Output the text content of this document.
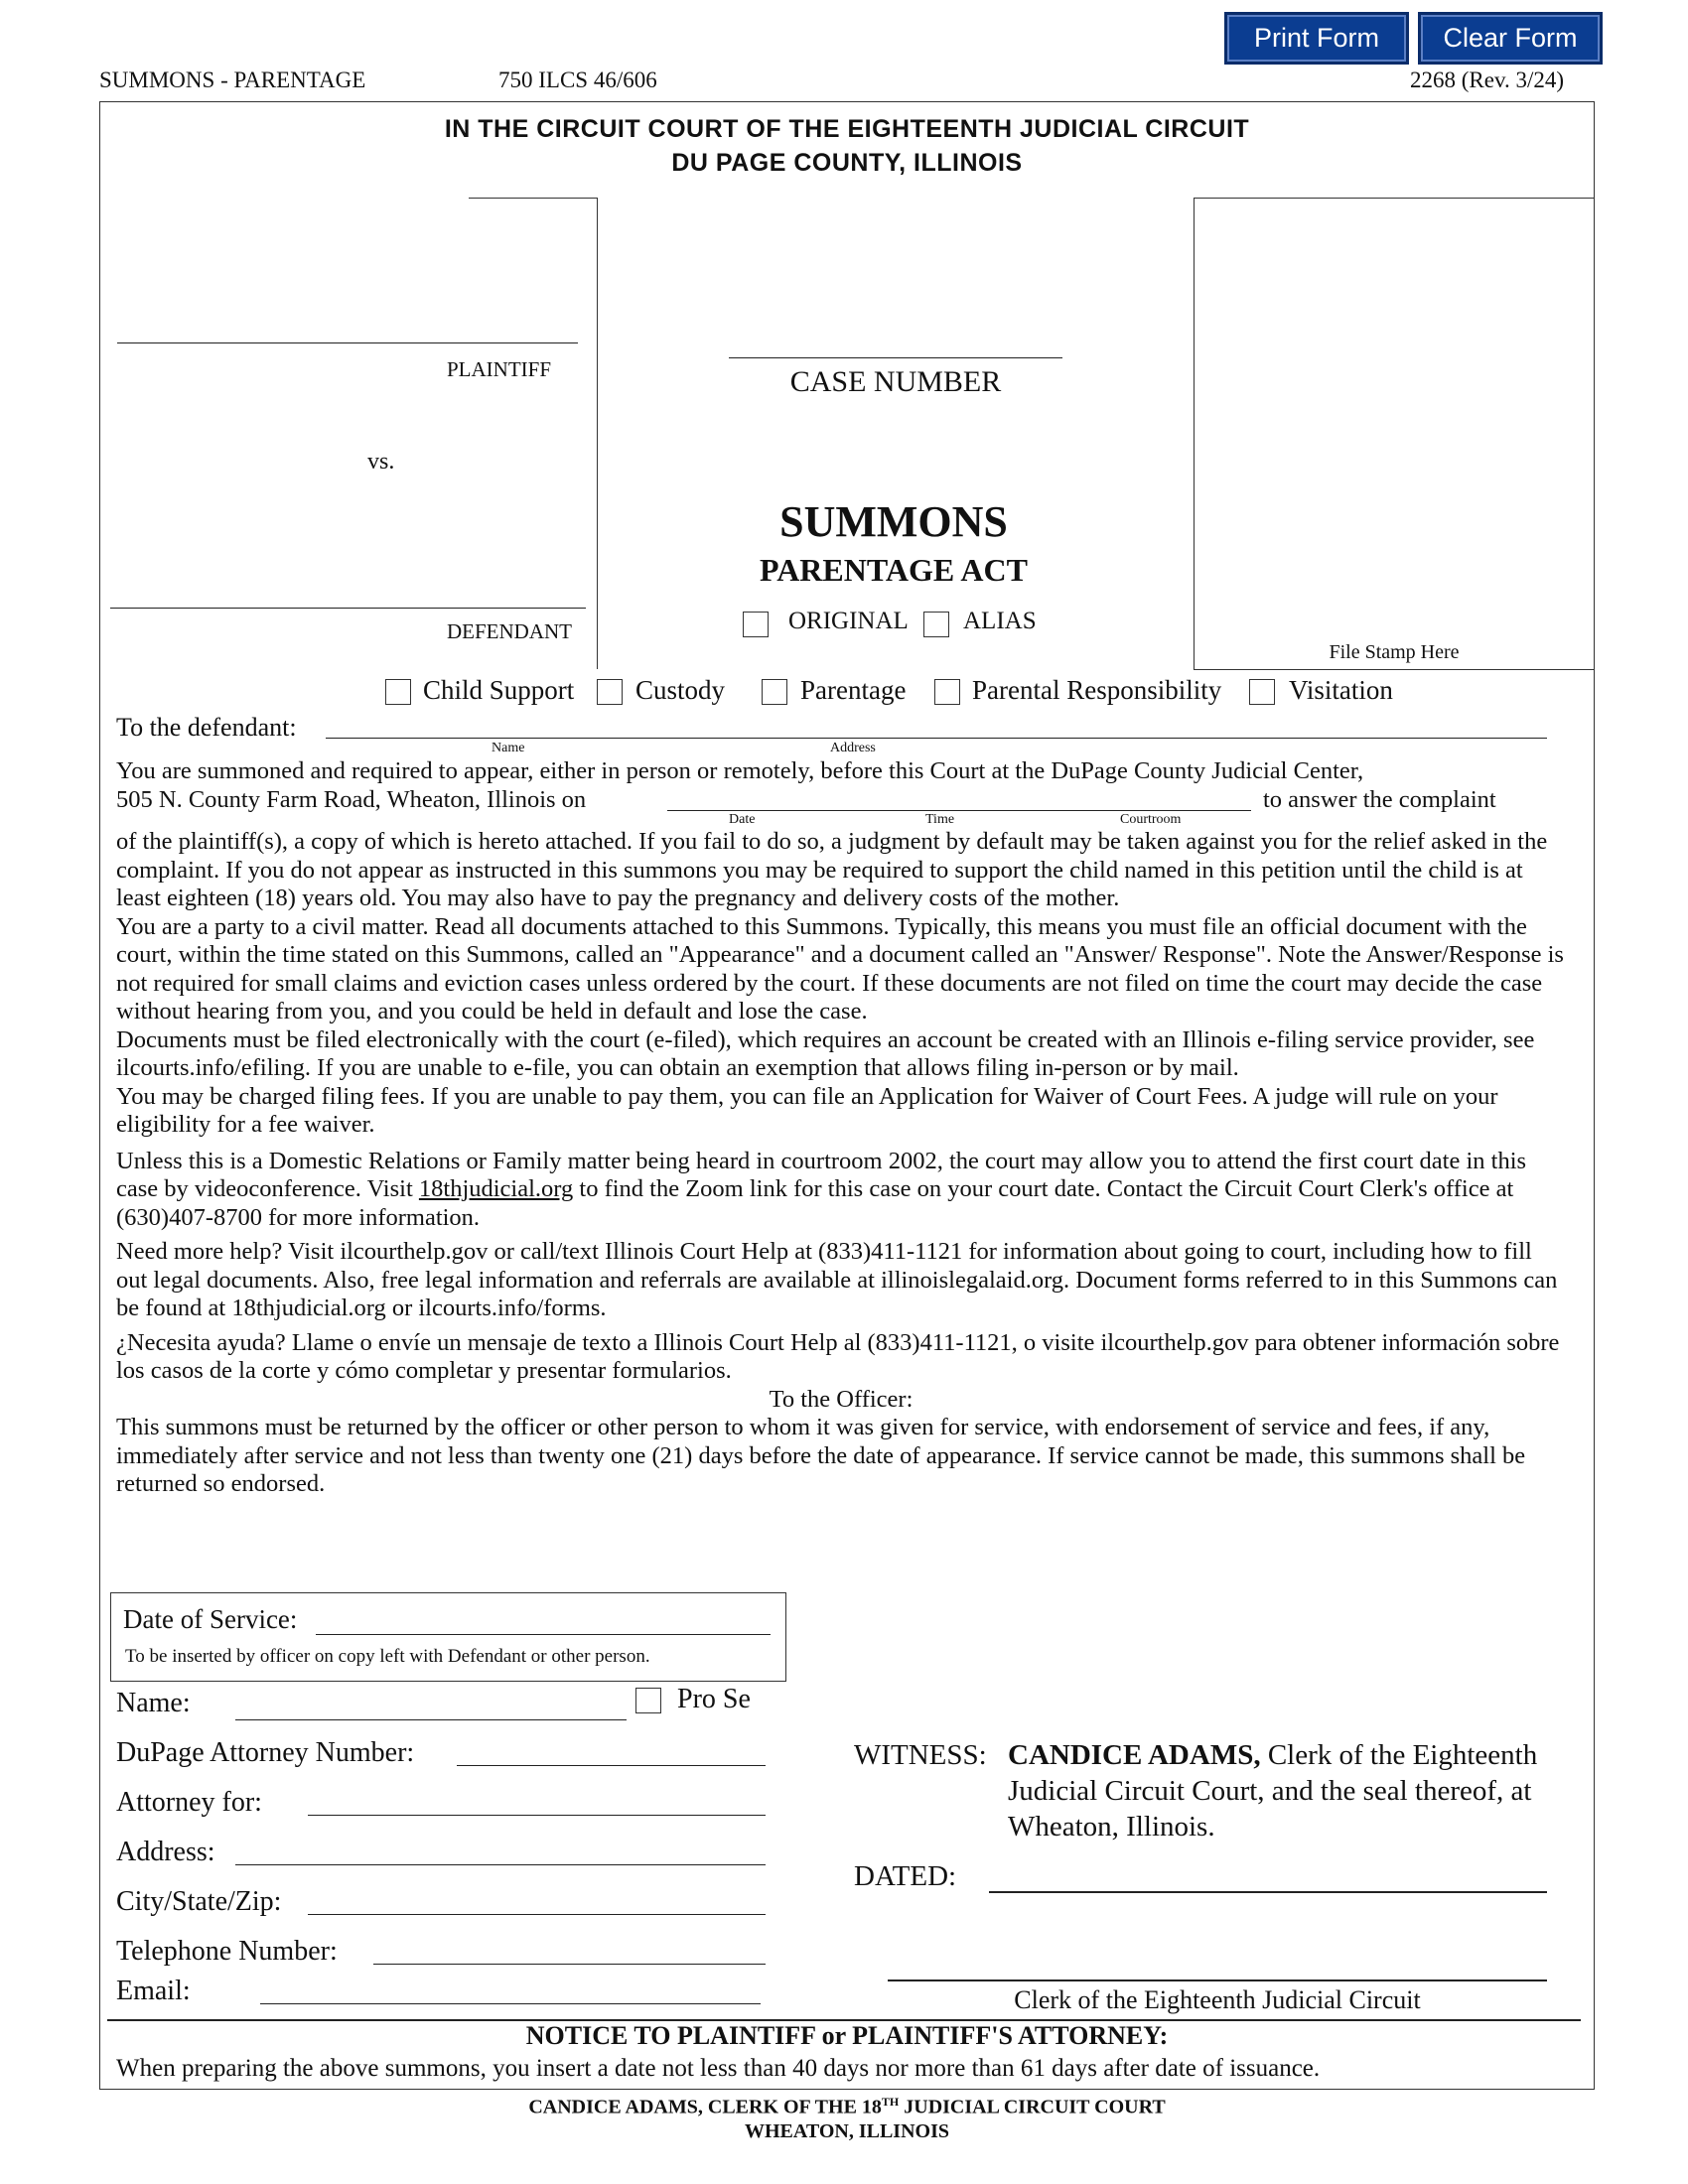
Print Form	Clear Form
SUMMONS - PARENTAGE	750 ILCS 46/606	2268 (Rev. 3/24)
IN THE CIRCUIT COURT OF THE EIGHTEENTH JUDICIAL CIRCUIT
DU PAGE COUNTY, ILLINOIS
PLAINTIFF
vs.
DEFENDANT
CASE NUMBER
File Stamp Here
SUMMONS
PARENTAGE ACT
ORIGINAL ALIAS
Child Support Custody	Parentage Parental Responsibility	Visitation
To the defendant:
Name	Address
You are summoned and required to appear, either in person or remotely, before this Court at the DuPage County Judicial Center,
505 N. County Farm Road, Wheaton, Illinois on	to answer the complaint
Date	Time	Courtroom

of the plaintiff(s), a copy of which is hereto attached. If you fail to do so, a judgment by default may be taken against you for the relief asked in the complaint. If you do not appear as instructed in this summons you may be required to support the child named in this petition until the child is at least eighteen (18) years old. You may also have to pay the pregnancy and delivery costs of the mother.

You are a party to a civil matter. Read all documents attached to this Summons. Typically, this means you must file an official document with the court, within the time stated on this Summons, called an "Appearance" and a document called an "Answer/ Response". Note the Answer/Response is not required for small claims and eviction cases unless ordered by the court. If these documents are not filed on time the court may decide the case without hearing from you, and you could be held in default and lose the case.

Documents must be filed electronically with the court (e-filed), which requires an account be created with an Illinois e-filing service provider, see ilcourts.info/efiling. If you are unable to e-file, you can obtain an exemption that allows filing in-person or by mail.

You may be charged filing fees. If you are unable to pay them, you can file an Application for Waiver of Court Fees. A judge will rule on your eligibility for a fee waiver.

Unless this is a Domestic Relations or Family matter being heard in courtroom 2002, the court may allow you to attend the first court date in this case by videoconference. Visit 18thjudicial.org to find the Zoom link for this case on your court date. Contact the Circuit Court Clerk's office at (630)407-8700 for more information.

Need more help? Visit ilcourthelp.gov or call/text Illinois Court Help at (833)411-1121 for information about going to court, including how to fill out legal documents. Also, free legal information and referrals are available at illinoislegalaid.org. Document forms referred to in this Summons can be found at 18thjudicial.org or ilcourts.info/forms.

¿Necesita ayuda? Llame o envíe un mensaje de texto a Illinois Court Help al (833)411-1121, o visite ilcourthelp.gov para obtener información sobre los casos de la corte y cómo completar y presentar formularios.

To the Officer:

This summons must be returned by the officer or other person to whom it was given for service, with endorsement of service and fees, if any, immediately after service and not less than twenty one (21) days before the date of appearance. If service cannot be made, this summons shall be returned so endorsed.

Date of Service:
To be inserted by officer on copy left with Defendant or other person.
Name:	Pro Se
DuPage Attorney Number:
Attorney for:
Address:
City/State/Zip:
Telephone Number:
Email:
WITNESS: CANDICE ADAMS, Clerk of the Eighteenth
Judicial Circuit Court, and the seal thereof, at
Wheaton, Illinois.
DATED:
Clerk of the Eighteenth Judicial Circuit
NOTICE TO PLAINTIFF or PLAINTIFF'S ATTORNEY:
When preparing the above summons, you insert a date not less than 40 days nor more than 61 days after date of issuance.
CANDICE ADAMS, CLERK OF THE 18TH JUDICIAL CIRCUIT COURT
WHEATON, ILLINOIS
